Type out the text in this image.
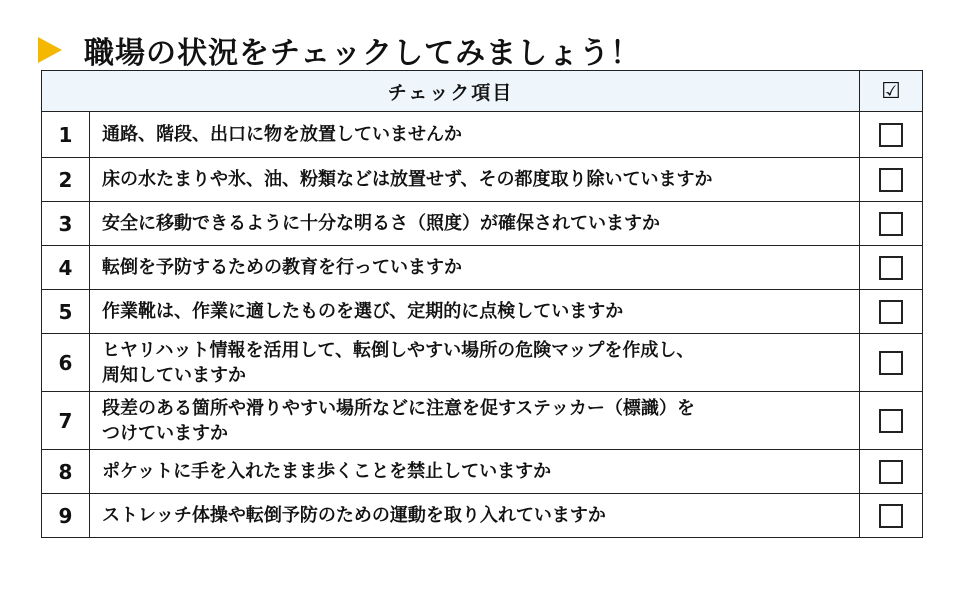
職場の状況をチェックしてみましょう！
チェック項目		☑
1	通路、階段、出口に物を放置していませんか	
2	床の水たまりや氷、油、粉類などは放置せず、その都度取り除いていますか	
3	安全に移動できるように十分な明るさ（照度）が確保されていますか	
4	転倒を予防するための教育を行っていますか	
5	作業靴は、作業に適したものを選び、定期的に点検していますか	
6	ヒヤリハット情報を活用して、転倒しやすい場所の危険マップを作成し、
周知していますか	
7	段差のある箇所や滑りやすい場所などに注意を促すステッカー（標識）を
つけていますか	
8	ポケットに手を入れたまま歩くことを禁止していますか	
9	ストレッチ体操や転倒予防のための運動を取り入れていますか	
